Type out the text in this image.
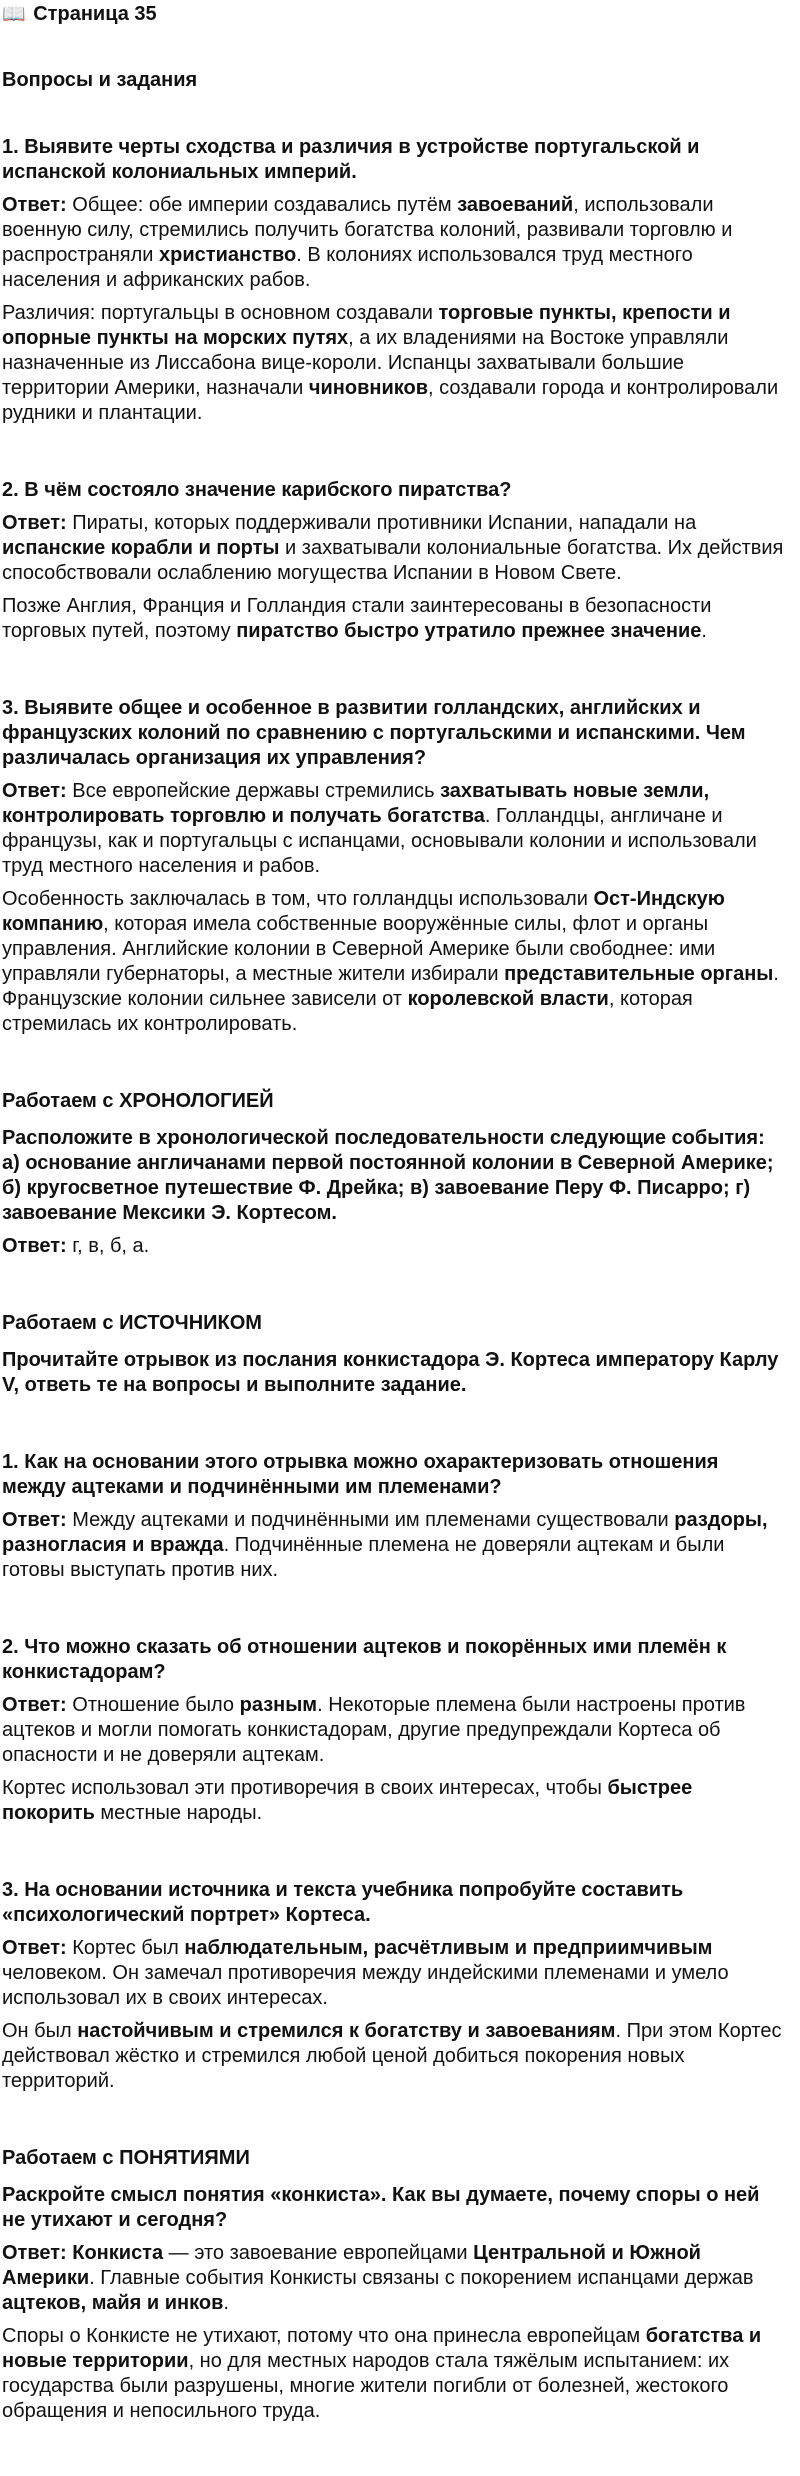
📖 Страница 35
Вопросы и задания
1. Выявите черты сходства и различия в устройстве португальской и испанской колониальных империй.

Ответ: Общее: обе империи создавались путём завоеваний, использовали военную силу, стремились получить богатства колоний, развивали торговлю и распространяли христианство. В колониях использовался труд местного населения и африканских рабов.

Различия: португальцы в основном создавали торговые пункты, крепости и опорные пункты на морских путях, а их владениями на Востоке управляли назначенные из Лиссабона вице-короли. Испанцы захватывали большие территории Америки, назначали чиновников, создавали города и контролировали рудники и плантации.

2. В чём состояло значение карибского пиратства?

Ответ: Пираты, которых поддерживали противники Испании, нападали на испанские корабли и порты и захватывали колониальные богатства. Их действия способствовали ослаблению могущества Испании в Новом Свете.

Позже Англия, Франция и Голландия стали заинтересованы в безопасности торговых путей, поэтому пиратство быстро утратило прежнее значение.

3. Выявите общее и особенное в развитии голландских, английских и французских колоний по сравнению с португальскими и испанскими. Чем различалась организация их управления?

Ответ: Все европейские державы стремились захватывать новые земли, контролировать торговлю и получать богатства. Голландцы, англичане и французы, как и португальцы с испанцами, основывали колонии и использовали труд местного населения и рабов.

Особенность заключалась в том, что голландцы использовали Ост-Индскую компанию, которая имела собственные вооружённые силы, флот и органы управления. Английские колонии в Северной Америке были свободнее: ими управляли губернаторы, а местные жители избирали представительные органы. Французские колонии сильнее зависели от королевской власти, которая стремилась их контролировать.

Работаем с ХРОНОЛОГИЕЙ
Расположите в хронологической последовательности следующие события: а) основание англичанами первой постоянной колонии в Северной Америке; б) кругосветное путешествие Ф. Дрейка; в) завоевание Перу Ф. Писарро; г) завоевание Мексики Э. Кортесом.

Ответ: г, в, б, а.

Работаем с ИСТОЧНИКОМ
Прочитайте отрывок из послания конкистадора Э. Кортеса императору Карлу V, ответь те на вопросы и выполните задание.
1. Как на основании этого отрывка можно охарактеризовать отношения между ацтеками и подчинёнными им племенами?

Ответ: Между ацтеками и подчинёнными им племенами существовали раздоры, разногласия и вражда. Подчинённые племена не доверяли ацтекам и были готовы выступать против них.

2. Что можно сказать об отношении ацтеков и покорённых ими племён к конкистадорам?

Ответ: Отношение было разным. Некоторые племена были настроены против ацтеков и могли помогать конкистадорам, другие предупреждали Кортеса об опасности и не доверяли ацтекам.

Кортес использовал эти противоречия в своих интересах, чтобы быстрее покорить местные народы.

3. На основании источника и текста учебника попробуйте составить «психологический портрет» Кортеса.

Ответ: Кортес был наблюдательным, расчётливым и предприимчивым человеком. Он замечал противоречия между индейскими племенами и умело использовал их в своих интересах.

Он был настойчивым и стремился к богатству и завоеваниям. При этом Кортес действовал жёстко и стремился любой ценой добиться покорения новых территорий.

Работаем с ПОНЯТИЯМИ
Раскройте смысл понятия «конкиста». Как вы думаете, почему споры о ней не утихают и сегодня?

Ответ: Конкиста — это завоевание европейцами Центральной и Южной Америки. Главные события Конкисты связаны с покорением испанцами держав ацтеков, майя и инков.

Споры о Конкисте не утихают, потому что она принесла европейцам богатства и новые территории, но для местных народов стала тяжёлым испытанием: их государства были разрушены, многие жители погибли от болезней, жестокого обращения и непосильного труда.
